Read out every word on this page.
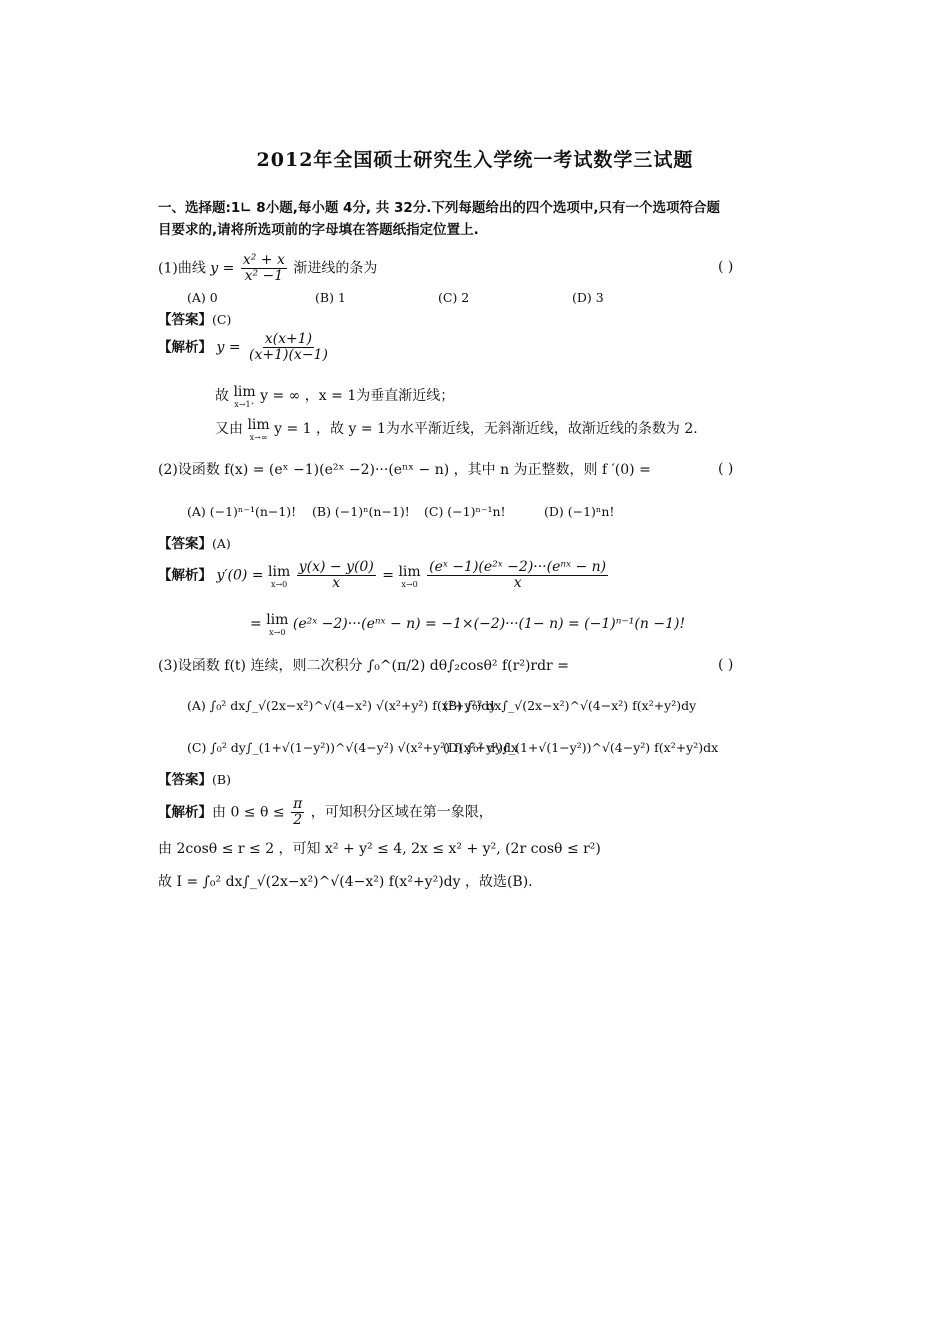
2012年全国硕士研究生入学统一考试数学三试题
一、选择题:1∟ 8小题,每小题 4分, 共 32分.下列每题给出的四个选项中,只有一个选项符合题
目要求的,请将所选项前的字母填在答题纸指定位置上.
(1)曲线 $y = \frac{\text{x² + x}}{\text{x² −1}}$ 渐进线的条为	( )
(A) 0	(B) 1	(C) 2	(D) 3
【答案】(C)
【解析】 $y = \frac{x(x+1)}{(x+1)(x-1)}$
故 lim
x→1⁺
y = ∞ ，x = 1为垂直渐近线；
又由 lim
x→∞
y = 1 ，故 y = 1为水平渐近线，无斜渐近线，故渐近线的条数为 2.
(2)设函数 f(x) = (eˣ −1)(e²ˣ −2)···(eⁿˣ − n) ，其中 n 为正整数，则 f ′(0) =	( )
(A) (−1)ⁿ⁻¹(n−1)! (B) (−1)ⁿ(n−1)! (C) (−1)ⁿ⁻¹n!	(D) (−1)ⁿn!
【答案】(A)
【解析】 y′(0) = lim
x→0
$\frac{y(x) - y(0)}{x} = \lim$
x→0
$\frac{\text{(eˣ −1)(e²ˣ −2)···(eⁿˣ − n)}}{x}$
= lim
x→0
(e²ˣ −2)···(eⁿˣ − n) = −1×(−2)···(1− n) = (−1)ⁿ⁻¹(n −1)!
(3)设函数 f(t) 连续，则二次积分 ∫₀^(π/2) dθ∫₂cosθ² f(r²)rdr =	( )
(A) ∫₀² dx∫_√(2x−x²)^√(4−x²) √(x²+y²) f(x²+y²)dy
(B) ∫₀² dx∫_√(2x−x²)^√(4−x²) f(x²+y²)dy
(C) ∫₀² dy∫_(1+√(1−y²))^√(4−y²) √(x²+y²) f(x²+y²)dx
(D) ∫₀² dy∫_(1+√(1−y²))^√(4−y²) f(x²+y²)dx
【答案】(B)
【解析】由 $0 \le \theta \le \frac{\pi}{2}$ ，可知积分区域在第一象限，
由 2cosθ ≤ r ≤ 2 ，可知 x² + y² ≤ 4, 2x ≤ x² + y², (2r cosθ ≤ r²)
故 I = ∫₀² dx∫_√(2x−x²)^√(4−x²) f(x²+y²)dy ，故选(B).
